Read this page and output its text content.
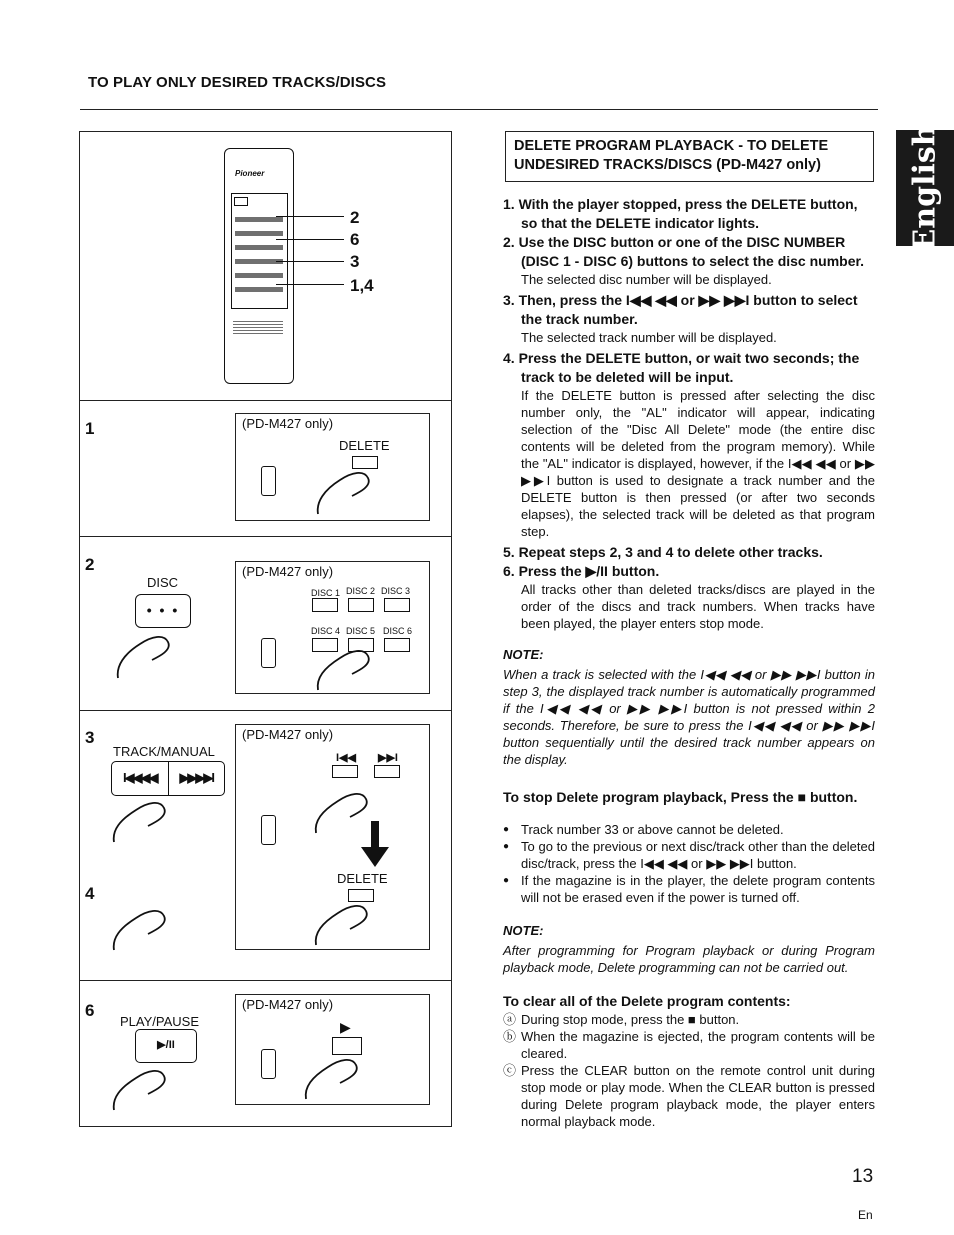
TO PLAY ONLY DESIRED TRACKS/DISCS
English
Pioneer
2
6
3
1,4
1	(PD-M427 only)
DELETE
2
DISC
• • •
(PD-M427 only)
DISC 1 DISC 2 DISC 3
DISC 4 DISC 5 DISC 6
3
TRACK/MANUAL
I◀◀◀◀	▶▶▶▶I
4
(PD-M427 only)
I◀◀ ▶▶I
DELETE
6
PLAY/PAUSE
▶/II
(PD-M427 only)
▶
DELETE PROGRAM PLAYBACK - TO DELETE UNDESIRED TRACKS/DISCS (PD-M427 only)

1. With the player stopped, press the DELETE button, so that the DELETE indicator lights.

2. Use the DISC button or one of the DISC NUMBER (DISC 1 - DISC 6) buttons to select the disc number.

The selected disc number will be displayed.

3. Then, press the I◀◀ ◀◀ or ▶▶ ▶▶I button to select the track number.

The selected track number will be displayed.

4. Press the DELETE button, or wait two seconds; the track to be deleted will be input.

If the DELETE button is pressed after selecting the disc number only, the "AL" indicator will appear, indicating selection of the "Disc All Delete" mode (the entire disc contents will be deleted from the program memory). While the "AL" indicator is displayed, however, if the I◀◀ ◀◀ or ▶▶ ▶▶I button is used to designate a track number and the DELETE button is then pressed (or after two seconds elapses), the selected track will be deleted as that program step.

5. Repeat steps 2, 3 and 4 to delete other tracks.

6. Press the ▶/II button.

All tracks other than deleted tracks/discs are played in the order of the discs and track numbers. When tracks have been played, the player enters stop mode.

NOTE:

When a track is selected with the I◀◀ ◀◀ or ▶▶ ▶▶I button in step 3, the displayed track number is automatically programmed if the I◀◀ ◀◀ or ▶▶ ▶▶I button is not pressed within 2 seconds. Therefore, be sure to press the I◀◀ ◀◀ or ▶▶ ▶▶I button sequentially until the desired track number appears on the display.

To stop Delete program playback, Press the ■ button.

● Track number 33 or above cannot be deleted.
● To go to the previous or next disc/track other than the deleted disc/track, press the I◀◀ ◀◀ or ▶▶ ▶▶I button.
● If the magazine is in the player, the delete program contents will not be erased even if the power is turned off.

NOTE:

After programming for Program playback or during Program playback mode, Delete programming can not be carried out.

To clear all of the Delete program contents:

ⓐ During stop mode, press the ■ button.
ⓑ When the magazine is ejected, the program contents will be cleared.
ⓒ Press the CLEAR button on the remote control unit during stop mode or play mode. When the CLEAR button is pressed during Delete program playback mode, the player enters normal playback mode.
13
En
